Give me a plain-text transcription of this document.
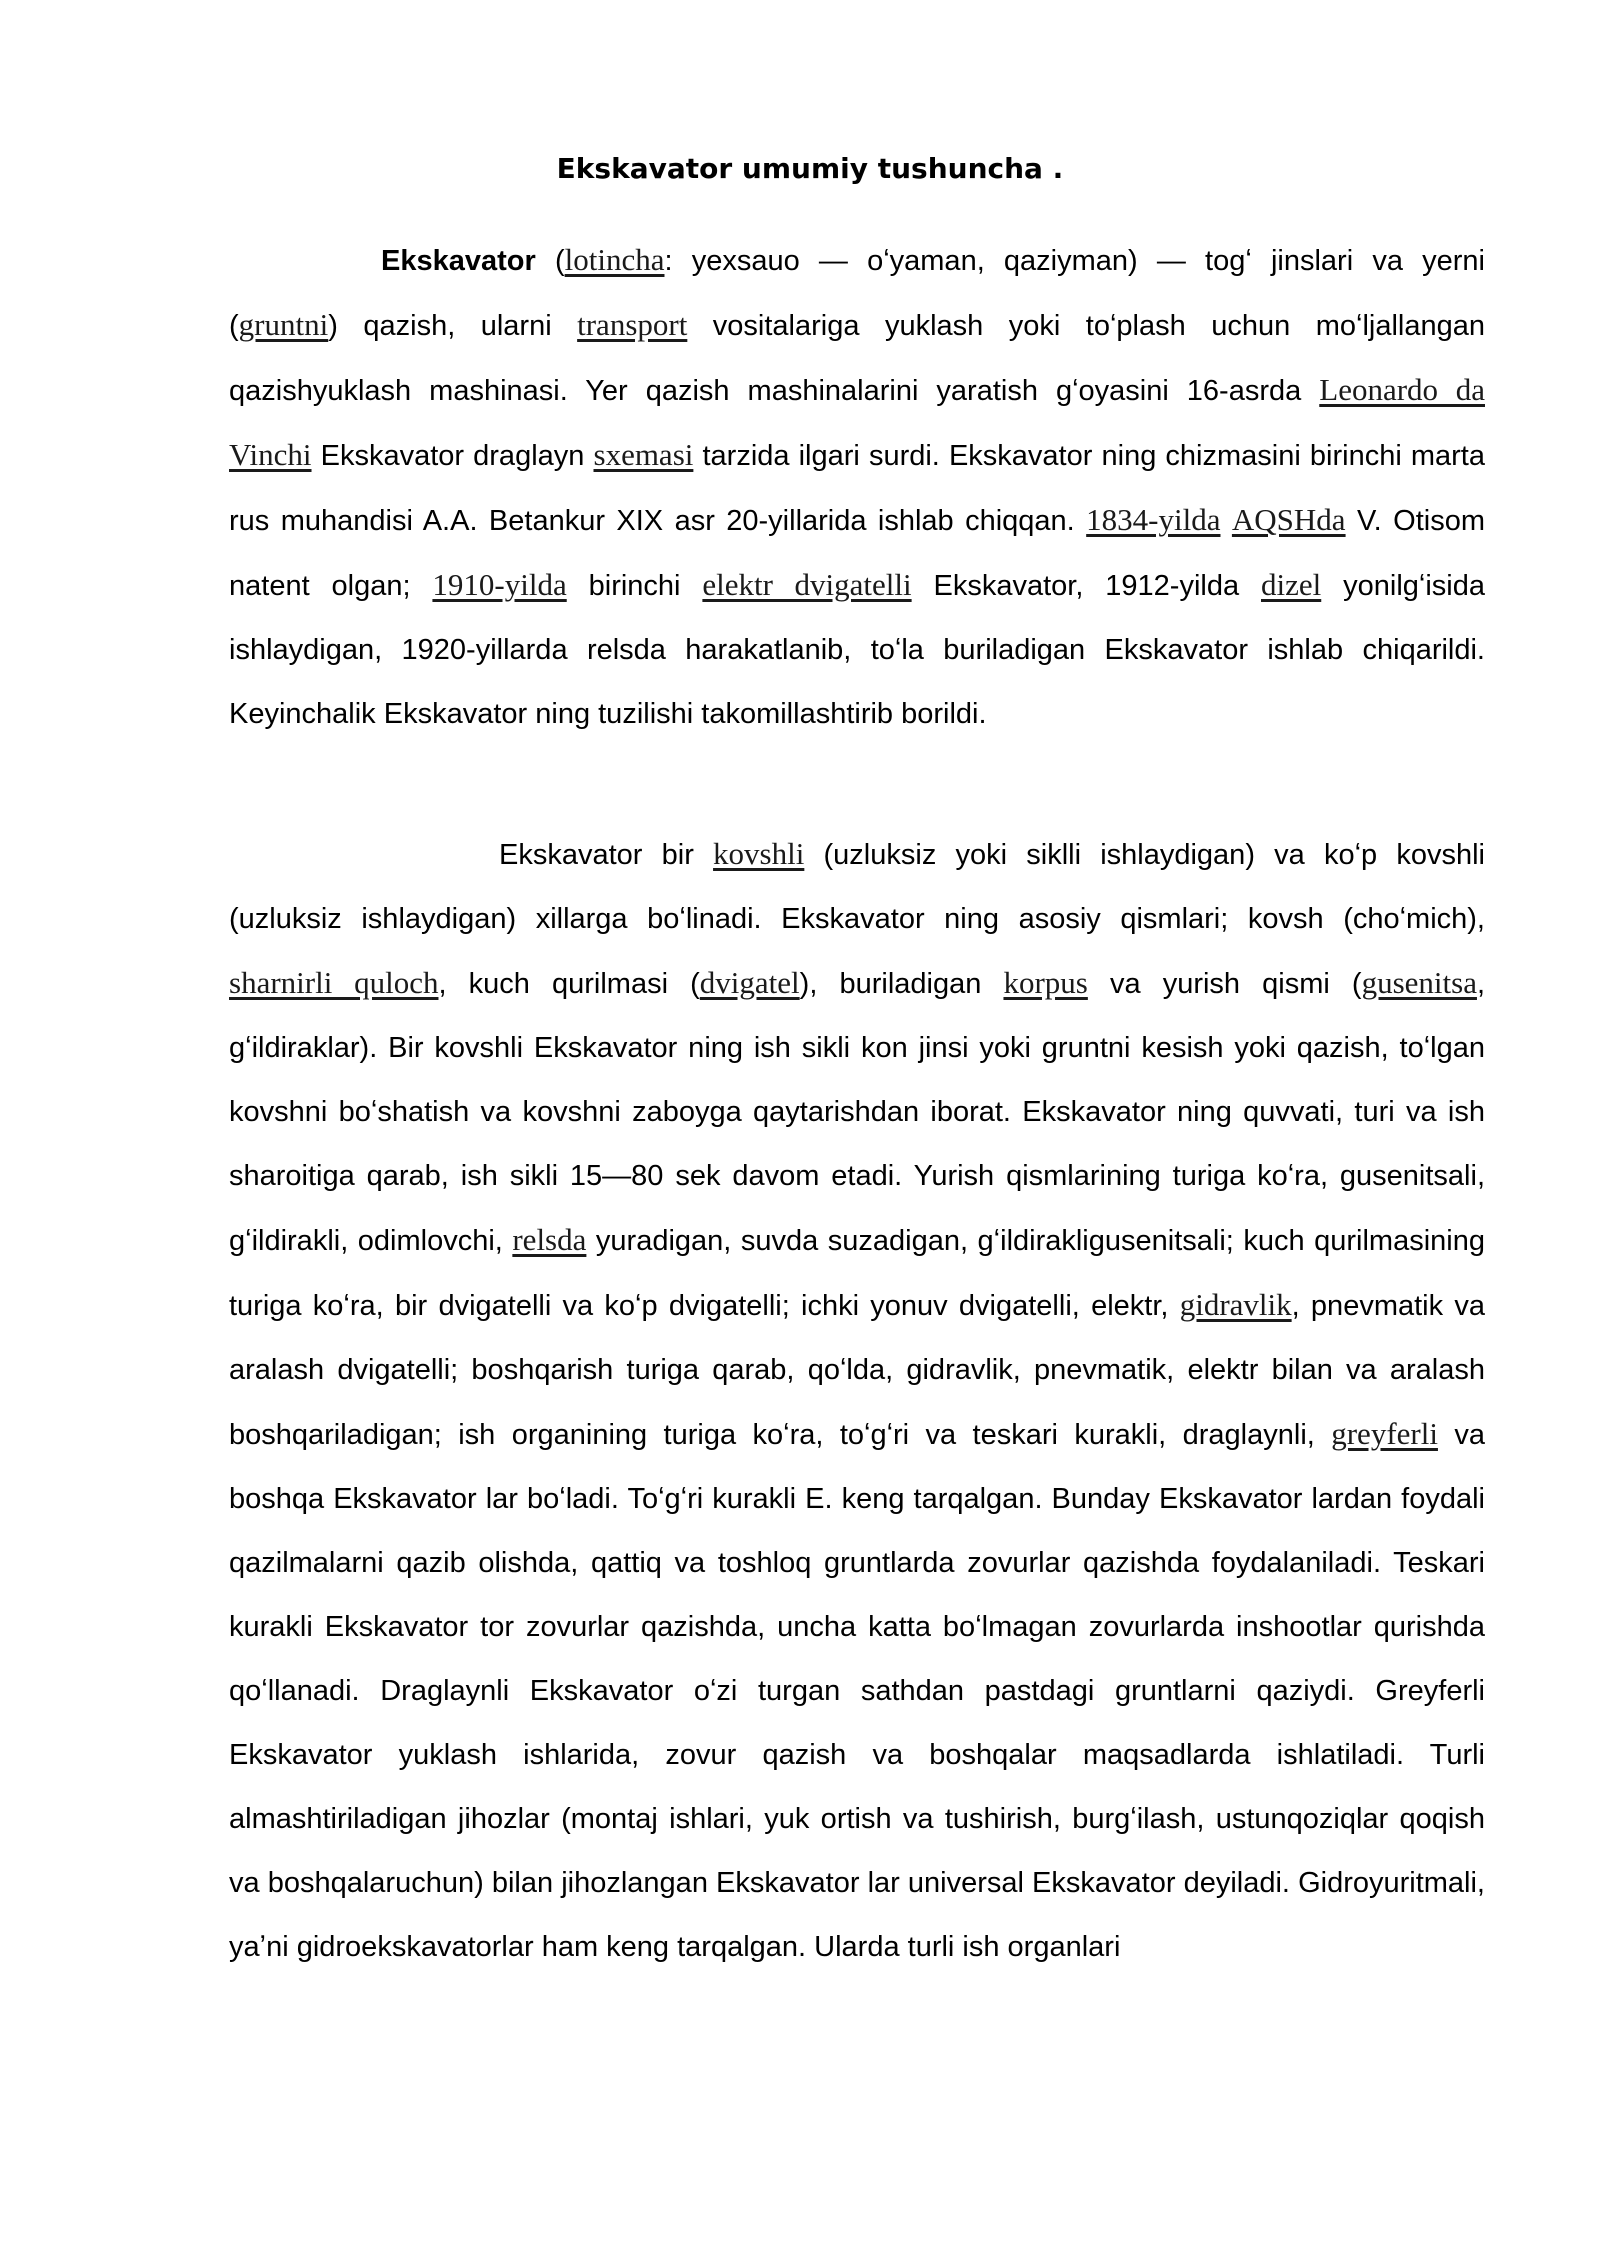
Ekskavator umumiy tushuncha .

Ekskavator (lotincha: yexsauo — oʻyaman, qaziyman) — togʻ jinslari va yerni (gruntni) qazish, ularni transport vositalariga yuklash yoki toʻplash uchun moʻljallangan qazishyuklash mashinasi. Yer qazish mashinalarini yaratish gʻoyasini 16-asrda Leonardo da Vinchi Ekskavator draglayn sxemasi tarzida ilgari surdi. Ekskavator ning chizmasini birinchi marta rus muhandisi A.A. Betankur XIX asr 20-yillarida ishlab chiqqan. 1834-yilda AQSHda V. Otisom natent olgan; 1910-yilda birinchi elektr dvigatelli Ekskavator, 1912-yilda dizel yonilgʻisida ishlaydigan, 1920-yillarda relsda harakatlanib, toʻla buriladigan Ekskavator ishlab chiqarildi. Keyinchalik Ekskavator ning tuzilishi takomillashtirib borildi.

Ekskavator bir kovshli (uzluksiz yoki siklli ishlaydigan) va koʻp kovshli (uzluksiz ishlaydigan) xillarga boʻlinadi. Ekskavator ning asosiy qismlari; kovsh (choʻmich), sharnirli quloch, kuch qurilmasi (dvigatel), buriladigan korpus va yurish qismi (gusenitsa, gʻildiraklar). Bir kovshli Ekskavator ning ish sikli kon jinsi yoki gruntni kesish yoki qazish, toʻlgan kovshni boʻshatish va kovshni zaboyga qaytarishdan iborat. Ekskavator ning quvvati, turi va ish sharoitiga qarab, ish sikli 15—80 sek davom etadi. Yurish qismlarining turiga koʻra, gusenitsali, gʻildirakli, odimlovchi, relsda yuradigan, suvda suzadigan, gʻildirakligusenitsali; kuch qurilmasining turiga koʻra, bir dvigatelli va koʻp dvigatelli; ichki yonuv dvigatelli, elektr, gidravlik, pnevmatik va aralash dvigatelli; boshqarish turiga qarab, qoʻlda, gidravlik, pnevmatik, elektr bilan va aralash boshqariladigan; ish organining turiga koʻra, toʻgʻri va teskari kurakli, draglaynli, greyferli va boshqa Ekskavator lar boʻladi. Toʻgʻri kurakli E. keng tarqalgan. Bunday Ekskavator lardan foydali qazilmalarni qazib olishda, qattiq va toshloq gruntlarda zovurlar qazishda foydalaniladi. Teskari kurakli Ekskavator tor zovurlar qazishda, uncha katta boʻlmagan zovurlarda inshootlar qurishda qoʻllanadi. Draglaynli Ekskavator oʻzi turgan sathdan pastdagi gruntlarni qaziydi. Greyferli Ekskavator yuklash ishlarida, zovur qazish va boshqalar maqsadlarda ishlatiladi. Turli almashtiriladigan jihozlar (montaj ishlari, yuk ortish va tushirish, burgʻilash, ustunqoziqlar qoqish va boshqalaruchun) bilan jihozlangan Ekskavator lar universal Ekskavator deyiladi. Gidroyuritmali, yaʼni gidroekskavatorlar ham keng tarqalgan. Ularda turli ish organlari
